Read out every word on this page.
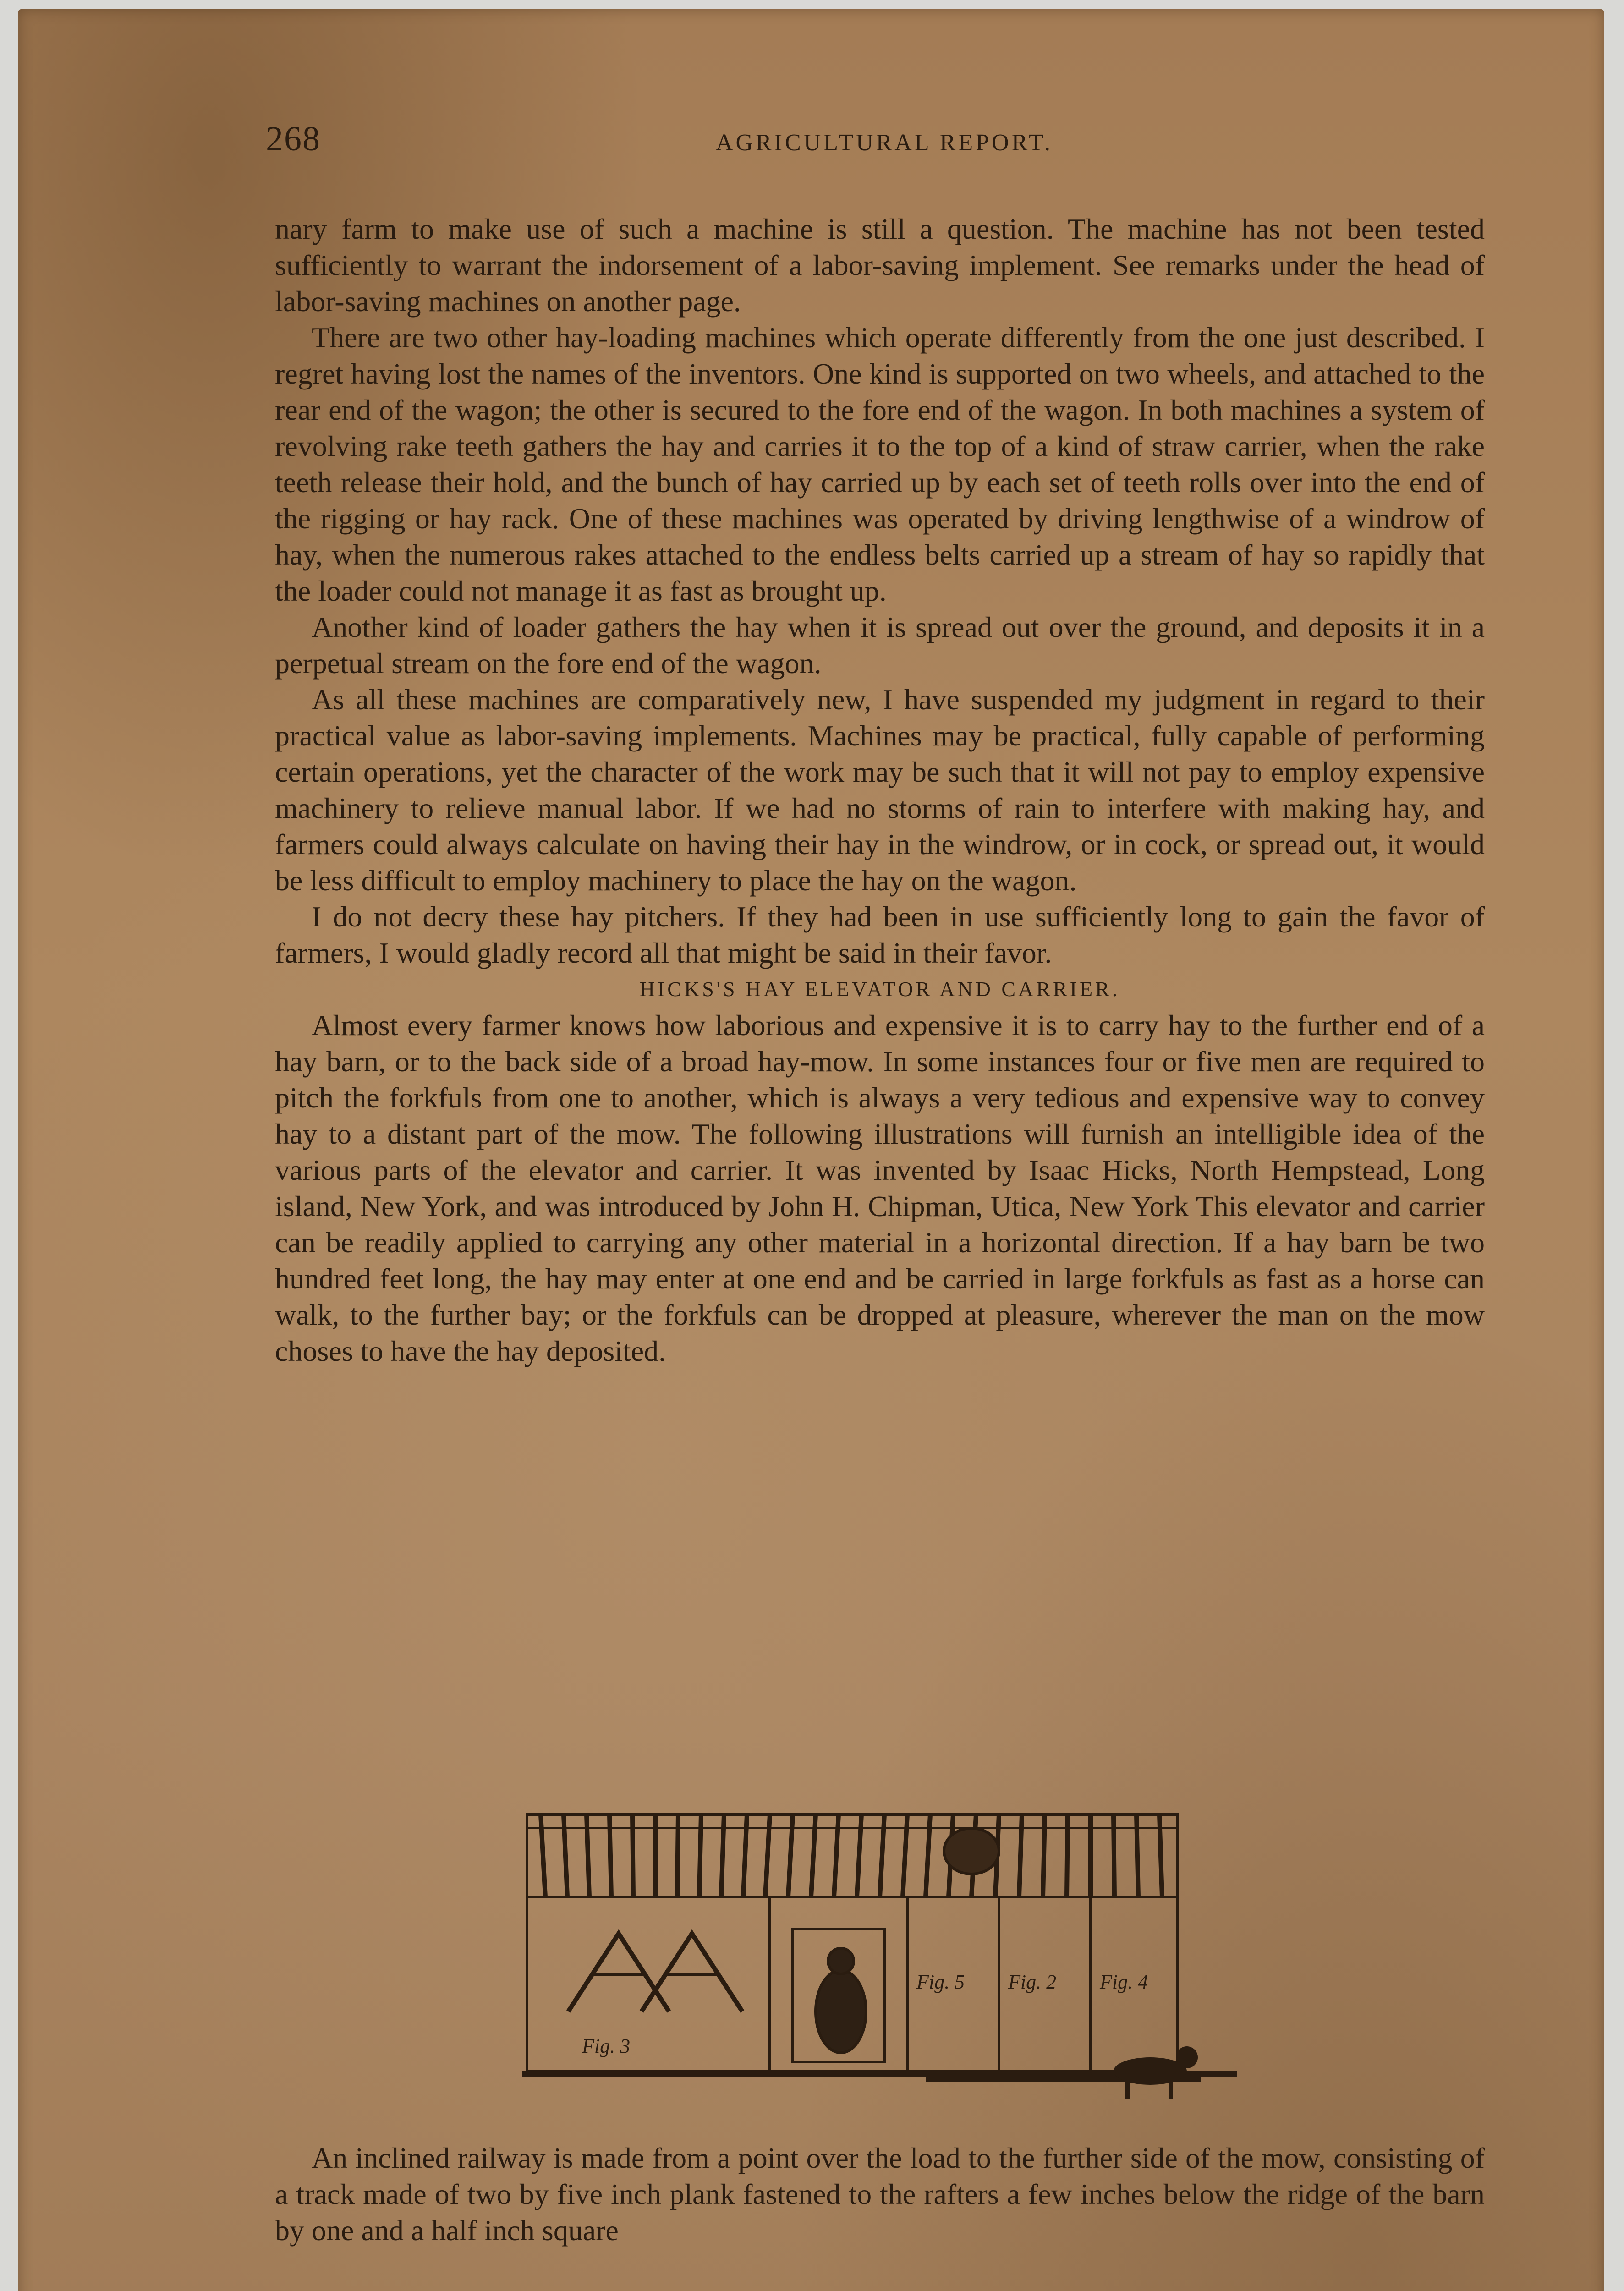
268	AGRICULTURAL REPORT.

nary farm to make use of such a machine is still a question. The machine has not been tested sufficiently to warrant the indorsement of a labor-saving implement. See remarks under the head of labor-saving machines on another page.

There are two other hay-loading machines which operate differently from the one just described. I regret having lost the names of the inventors. One kind is supported on two wheels, and attached to the rear end of the wagon; the other is secured to the fore end of the wagon. In both machines a system of revolving rake teeth gathers the hay and carries it to the top of a kind of straw carrier, when the rake teeth release their hold, and the bunch of hay carried up by each set of teeth rolls over into the end of the rigging or hay rack. One of these machines was operated by driving lengthwise of a windrow of hay, when the numerous rakes attached to the endless belts carried up a stream of hay so rapidly that the loader could not manage it as fast as brought up.

Another kind of loader gathers the hay when it is spread out over the ground, and deposits it in a perpetual stream on the fore end of the wagon.

As all these machines are comparatively new, I have suspended my judgment in regard to their practical value as labor-saving implements. Machines may be practical, fully capable of performing certain operations, yet the character of the work may be such that it will not pay to employ expensive machinery to relieve manual labor. If we had no storms of rain to interfere with making hay, and farmers could always calculate on having their hay in the windrow, or in cock, or spread out, it would be less difficult to employ machinery to place the hay on the wagon.

I do not decry these hay pitchers. If they had been in use sufficiently long to gain the favor of farmers, I would gladly record all that might be said in their favor.

HICKS'S HAY ELEVATOR AND CARRIER.

Almost every farmer knows how laborious and expensive it is to carry hay to the further end of a hay barn, or to the back side of a broad hay-mow. In some instances four or five men are required to pitch the forkfuls from one to another, which is always a very tedious and expensive way to convey hay to a distant part of the mow. The following illustrations will furnish an intelligible idea of the various parts of the elevator and carrier. It was invented by Isaac Hicks, North Hempstead, Long island, New York, and was introduced by John H. Chipman, Utica, New York This elevator and carrier can be readily applied to carrying any other material in a horizontal direction. If a hay barn be two hundred feet long, the hay may enter at one end and be carried in large forkfuls as fast as a horse can walk, to the further bay; or the forkfuls can be dropped at pleasure, wherever the man on the mow choses to have the hay deposited.

Fig. 3
Fig. 5 Fig. 2 Fig. 4

An inclined railway is made from a point over the load to the further side of the mow, consisting of a track made of two by five inch plank fastened to the rafters a few inches below the ridge of the barn by one and a half inch square
